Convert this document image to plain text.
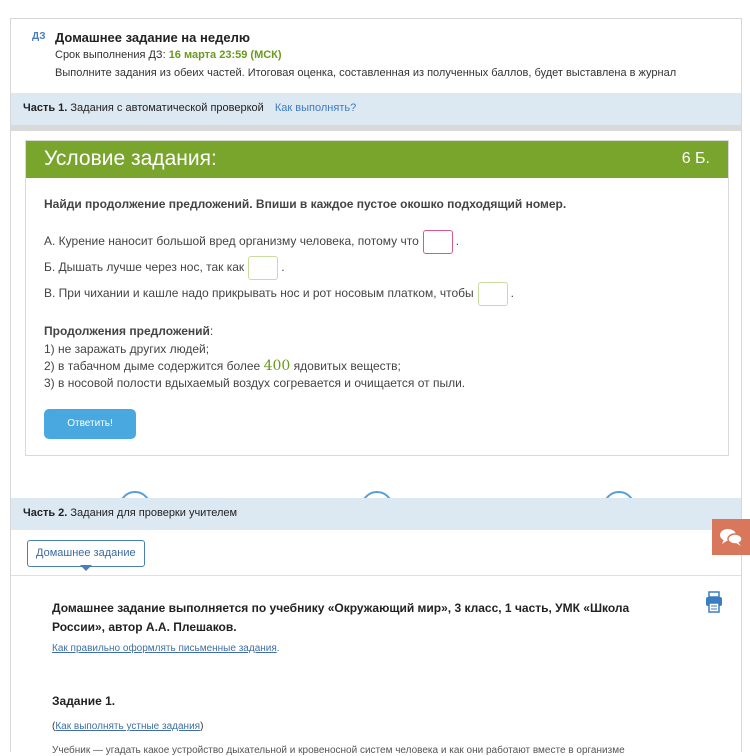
ДЗ Домашнее задание на неделю
Срок выполнения ДЗ: 16 марта 23:59 (МСК)
Выполните задания из обеих частей. Итоговая оценка, составленная из полученных баллов, будет выставлена в журнал
Часть 1. Задания с автоматической проверкой Как выполнять?
Условие задания:	6 Б.
Найди продолжение предложений. Впиши в каждое пустое окошко подходящий номер.
А. Курение наносит большой вред организму человека, потому что	.
Б. Дышать лучше через нос, так как	.
В. При чихании и кашле надо прикрывать нос и рот носовым платком, чтобы	.
Продолжения предложений:
1) не заражать других людей;
2) в табачном дыме содержится более 400 ядовитых веществ;
3) в носовой полости вдыхаемый воздух согревается и очищается от пыли.
Ответить!
Часть 2. Задания для проверки учителем
Домашнее задание
Домашнее задание выполняется по учебнику «Окружающий мир», 3 класс, 1 часть, УМК «Школа России», автор А.А. Плешаков.
Как правильно оформлять письменные задания.
Задание 1.
(Как выполнять устные задания)
Учебник — угадать какое устройство дыхательной и кровеносной систем человека и как они работают вместе в организме
